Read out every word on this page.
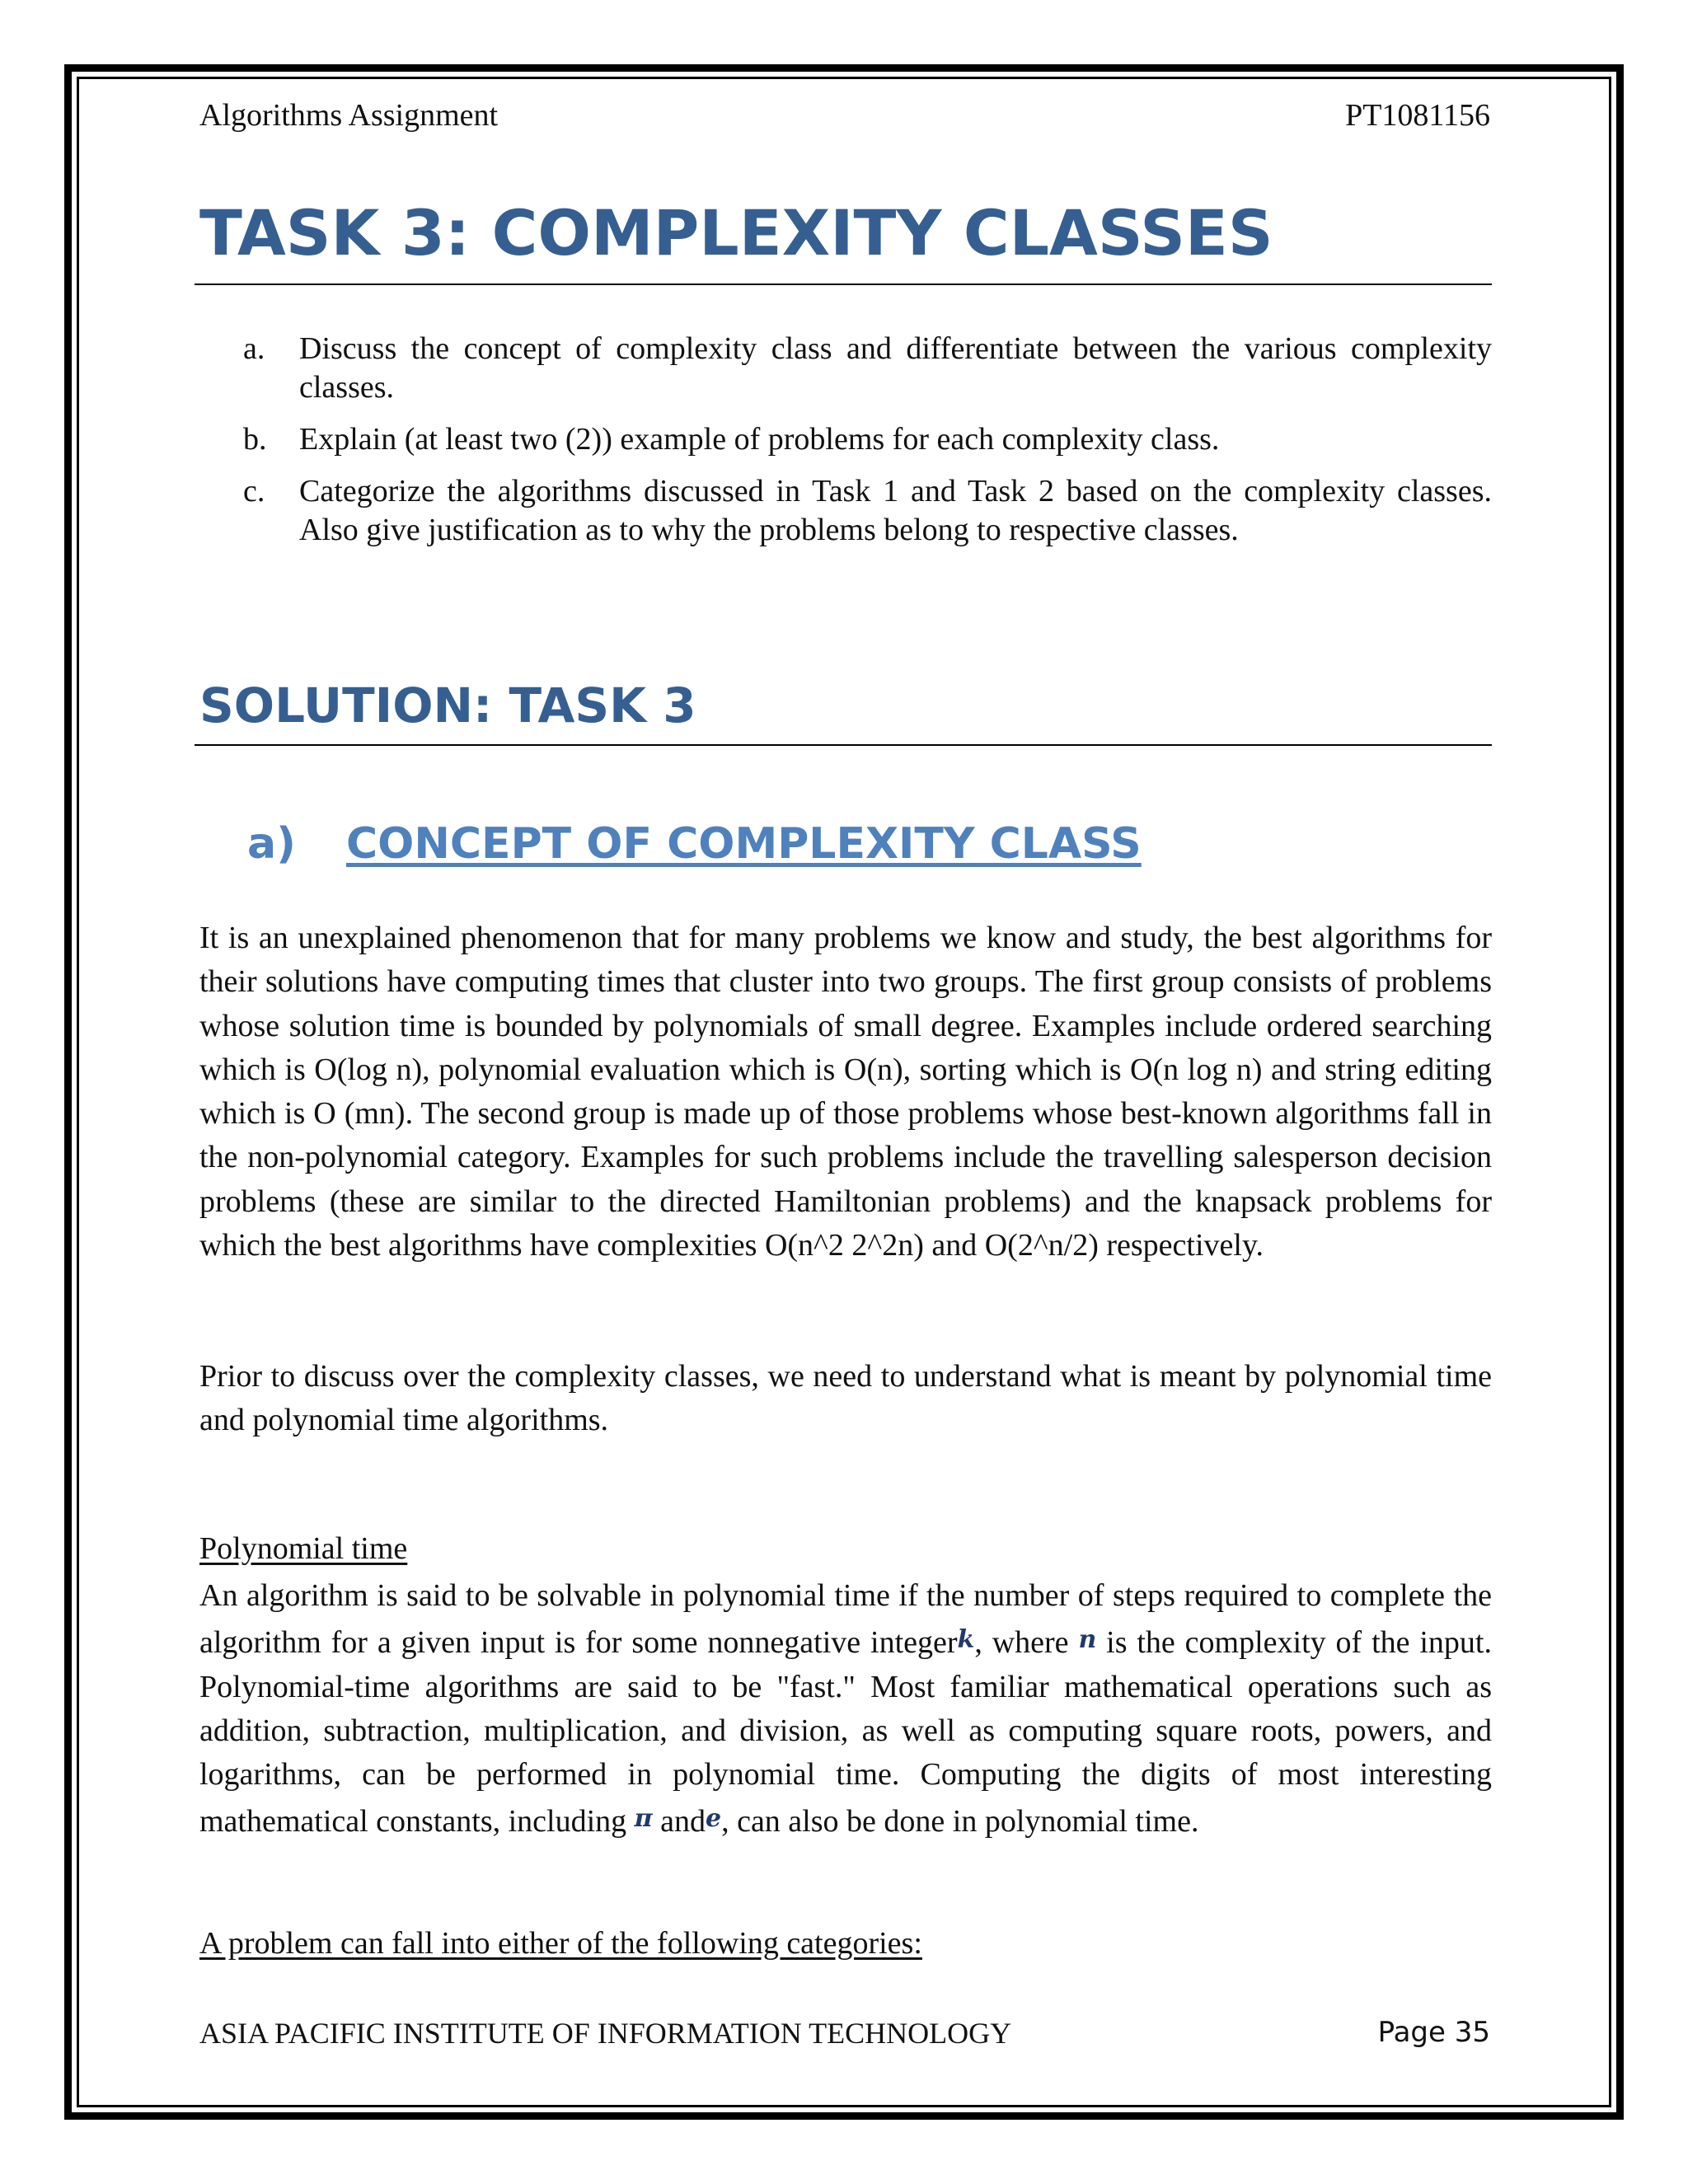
Algorithms Assignment	PT1081156
TASK 3: COMPLEXITY CLASSES
a. Discuss the concept of complexity class and differentiate between the various complexity classes.
b. Explain (at least two (2)) example of problems for each complexity class.
c. Categorize the algorithms discussed in Task 1 and Task 2 based on the complexity classes. Also give justification as to why the problems belong to respective classes.
SOLUTION: TASK 3
a) CONCEPT OF COMPLEXITY CLASS

It is an unexplained phenomenon that for many problems we know and study, the best algorithms for their solutions have computing times that cluster into two groups. The first group consists of problems whose solution time is bounded by polynomials of small degree. Examples include ordered searching which is O(log n), polynomial evaluation which is O(n), sorting which is O(n log n) and string editing which is O (mn). The second group is made up of those problems whose best-known algorithms fall in the non-polynomial category. Examples for such problems include the travelling salesperson decision problems (these are similar to the directed Hamiltonian problems) and the knapsack problems for which the best algorithms have complexities O(n^2 2^2n) and O(2^n/2) respectively.

Prior to discuss over the complexity classes, we need to understand what is meant by polynomial time and polynomial time algorithms.

Polynomial time

An algorithm is said to be solvable in polynomial time if the number of steps required to complete the algorithm for a given input is for some nonnegative integerk, where n is the complexity of the input. Polynomial-time algorithms are said to be "fast." Most familiar mathematical operations such as addition, subtraction, multiplication, and division, as well as computing square roots, powers, and logarithms, can be performed in polynomial time. Computing the digits of most interesting mathematical constants, including π ande, can also be done in polynomial time.

A problem can fall into either of the following categories:
ASIA PACIFIC INSTITUTE OF INFORMATION TECHNOLOGY	Page 35
